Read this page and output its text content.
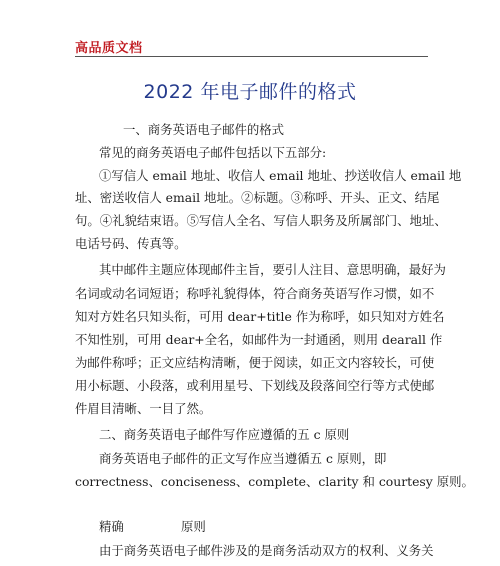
高品质文档
2022 年电子邮件的格式

一、商务英语电子邮件的格式

常见的商务英语电子邮件包括以下五部分:

①写信人 email 地址、收信人 email 地址、抄送收信人 email 地

址、密送收信人 email 地址。②标题。③称呼、开头、正文、结尾

句。④礼貌结束语。⑤写信人全名、写信人职务及所属部门、地址、

电话号码、传真等。

其中邮件主题应体现邮件主旨，要引人注目、意思明确，最好为

名词或动名词短语；称呼礼貌得体，符合商务英语写作习惯，如不

知对方姓名只知头衔，可用 dear+title 作为称呼，如只知对方姓名

不知性别，可用 dear+全名，如邮件为一封通函，则用 dearall 作

为邮件称呼；正文应结构清晰，便于阅读，如正文内容较长，可使

用小标题、小段落，或利用星号、下划线及段落间空行等方式使邮

件眉目清晰、一目了然。

二、商务英语电子邮件写作应遵循的五 c 原则

商务英语电子邮件的正文写作应当遵循五 c 原则，即

correctness、conciseness、complete、clarity 和 courtesy 原则。

精确	原则

由于商务英语电子邮件涉及的是商务活动双方的权利、义务关
